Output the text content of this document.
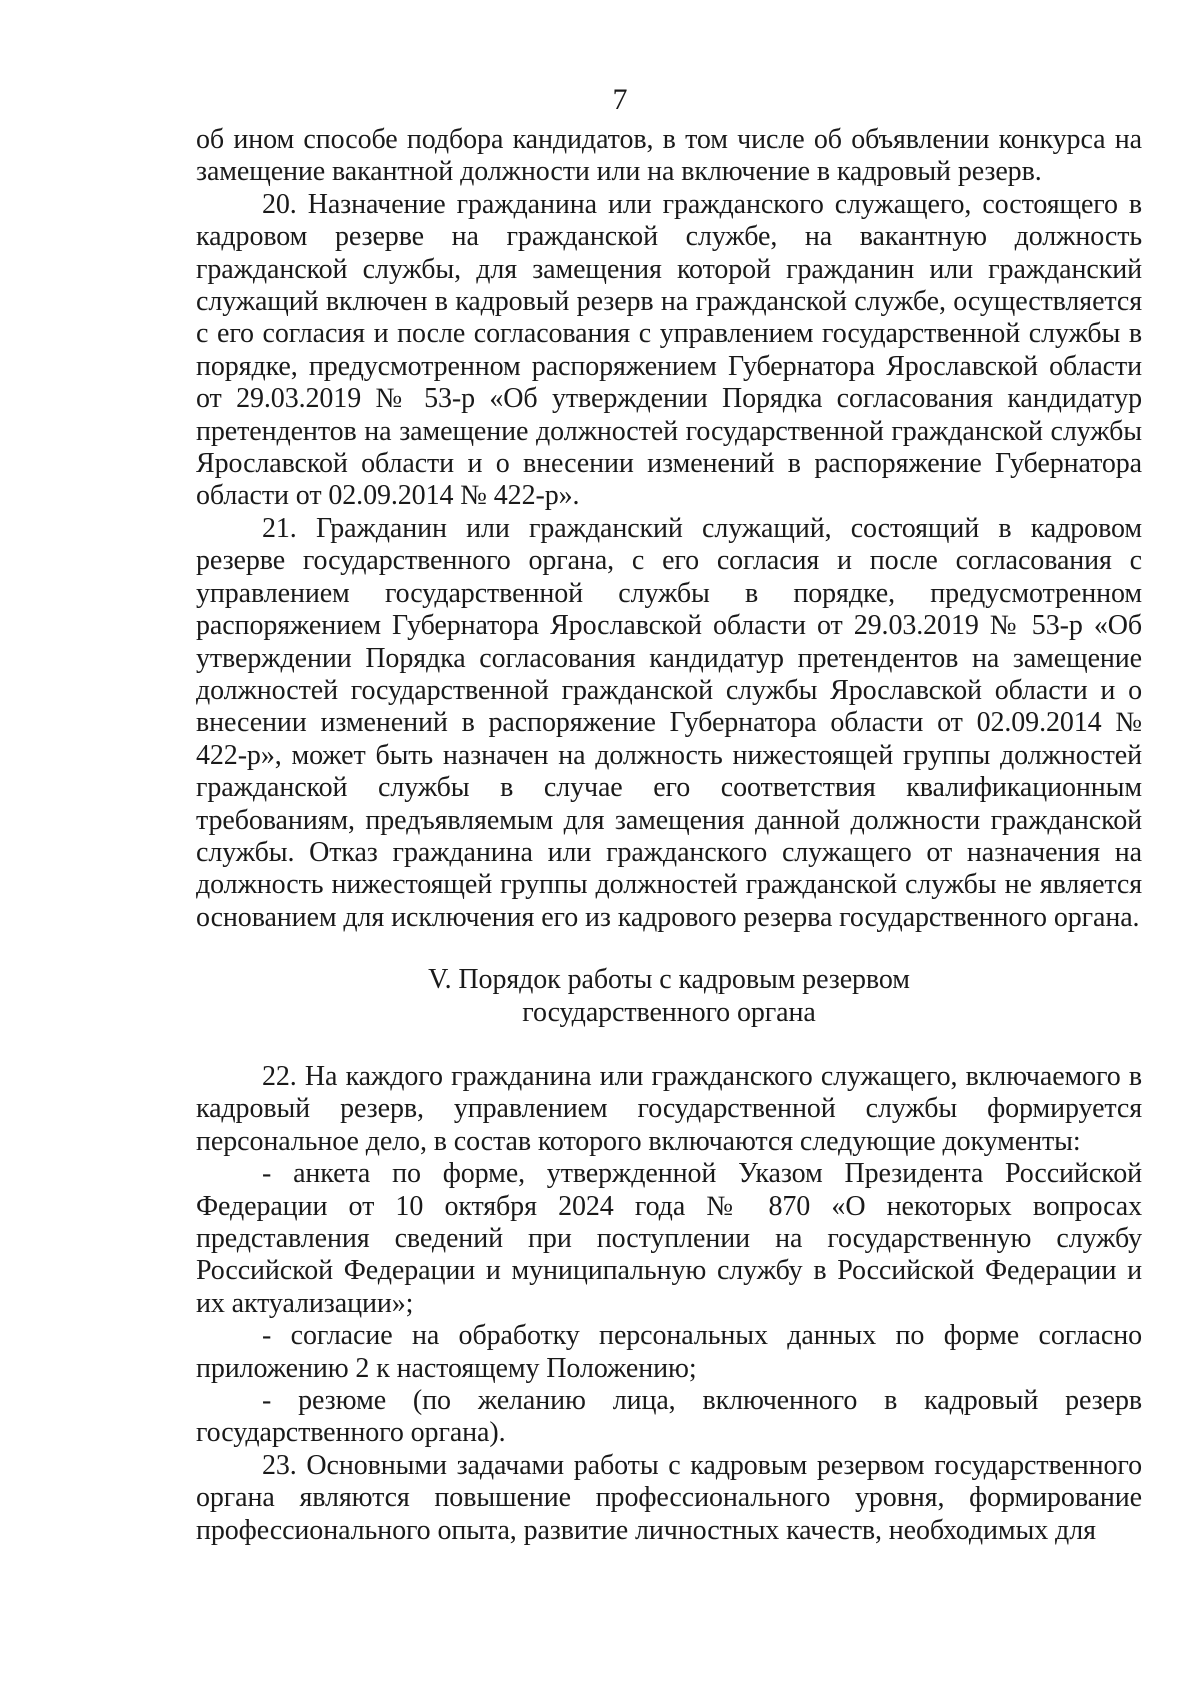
7

об ином способе подбора кандидатов, в том числе об объявлении конкурса на замещение вакантной должности или на включение в кадровый резерв.

20. Назначение гражданина или гражданского служащего, состоящего в кадровом резерве на гражданской службе, на вакантную должность гражданской службы, для замещения которой гражданин или гражданский служащий включен в кадровый резерв на гражданской службе, осуществляется с его согласия и после согласования с управлением государственной службы в порядке, предусмотренном распоряжением Губернатора Ярославской области от 29.03.2019 № 53-р «Об утверждении Порядка согласования кандидатур претендентов на замещение должностей государственной гражданской службы Ярославской области и о внесении изменений в распоряжение Губернатора области от 02.09.2014 № 422-р».

21. Гражданин или гражданский служащий, состоящий в кадровом резерве государственного органа, с его согласия и после согласования с управлением государственной службы в порядке, предусмотренном распоряжением Губернатора Ярославской области от 29.03.2019 № 53-р «Об утверждении Порядка согласования кандидатур претендентов на замещение должностей государственной гражданской службы Ярославской области и о внесении изменений в распоряжение Губернатора области от 02.09.2014 № 422-р», может быть назначен на должность нижестоящей группы должностей гражданской службы в случае его соответствия квалификационным требованиям, предъявляемым для замещения данной должности гражданской службы. Отказ гражданина или гражданского служащего от назначения на должность нижестоящей группы должностей гражданской службы не является основанием для исключения его из кадрового резерва государственного органа.

V. Порядок работы с кадровым резервом
государственного органа

22. На каждого гражданина или гражданского служащего, включаемого в кадровый резерв, управлением государственной службы формируется персональное дело, в состав которого включаются следующие документы:

- анкета по форме, утвержденной Указом Президента Российской Федерации от 10 октября 2024 года № 870 «О некоторых вопросах представления сведений при поступлении на государственную службу Российской Федерации и муниципальную службу в Российской Федерации и их актуализации»;

- согласие на обработку персональных данных по форме согласно приложению 2 к настоящему Положению;

- резюме (по желанию лица, включенного в кадровый резерв государственного органа).

23. Основными задачами работы с кадровым резервом государственного органа являются повышение профессионального уровня, формирование профессионального опыта, развитие личностных качеств, необходимых для
